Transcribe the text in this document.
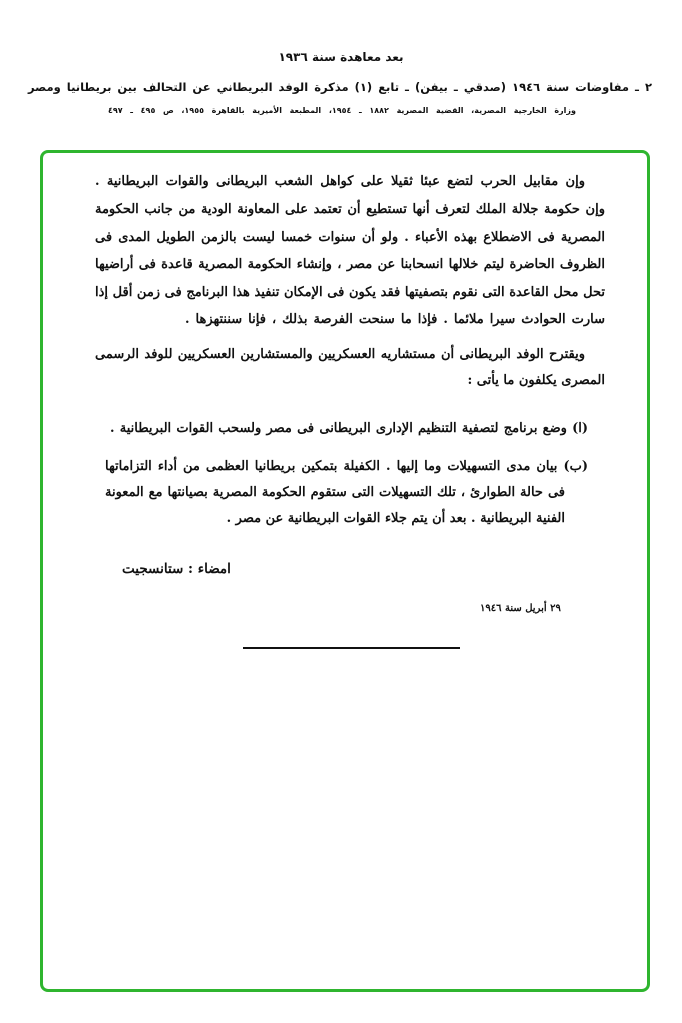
بعد معاهدة سنة ١٩٣٦
٢ ـ مفاوضات سنة ١٩٤٦ (صدقي ـ بيفن) ـ تابع (١) مذكرة الوفد البريطاني عن التحالف بين بريطانيا ومصر
وزارة الخارجية المصرية، القضية المصرية ١٨٨٢ ـ ١٩٥٤، المطبعة الأميرية بالقاهرة ١٩٥٥، ص ٤٩٥ ـ ٤٩٧
وإن مقابيل الحرب لتضع عبئا ثقيلا على كواهل الشعب البريطانى والقوات البريطانية .
وإن حكومة جلالة الملك لتعرف أنها تستطيع أن تعتمد على المعاونة الودية من جانب الحكومة
المصرية فى الاضطلاع بهذه الأعباء . ولو أن سنوات خمسا ليست بالزمن الطويل المدى فى
الظروف الحاضرة ليتم خلالها انسحابنا عن مصر ، وإنشاء الحكومة المصرية قاعدة فى أراضيها
تحل محل القاعدة التى نقوم بتصفيتها فقد يكون فى الإمكان تنفيذ هذا البرنامج فى زمن أقل إذا
سارت الحوادث سيرا ملائما . فإذا ما سنحت الفرصة بذلك ، فإنا سننتهزها .
ويقترح الوفد البريطانى أن مستشاريه العسكريين والمستشارين العسكريين للوفد الرسمى
المصرى يكلفون ما يأتى :
(ا) وضع برنامج لتصفية التنظيم الإدارى البريطانى فى مصر ولسحب القوات البريطانية .
(ب) بيان مدى التسهيلات وما إليها . الكفيلة بتمكين بريطانيا العظمى من أداء التزاماتها
فى حالة الطوارئ ، تلك التسهيلات التى ستقوم الحكومة المصرية بصيانتها مع المعونة
الفنية البريطانية . بعد أن يتم جلاء القوات البريطانية عن مصر .
امضاء : ستانسجيت
٢٩ أبريل سنة ١٩٤٦
